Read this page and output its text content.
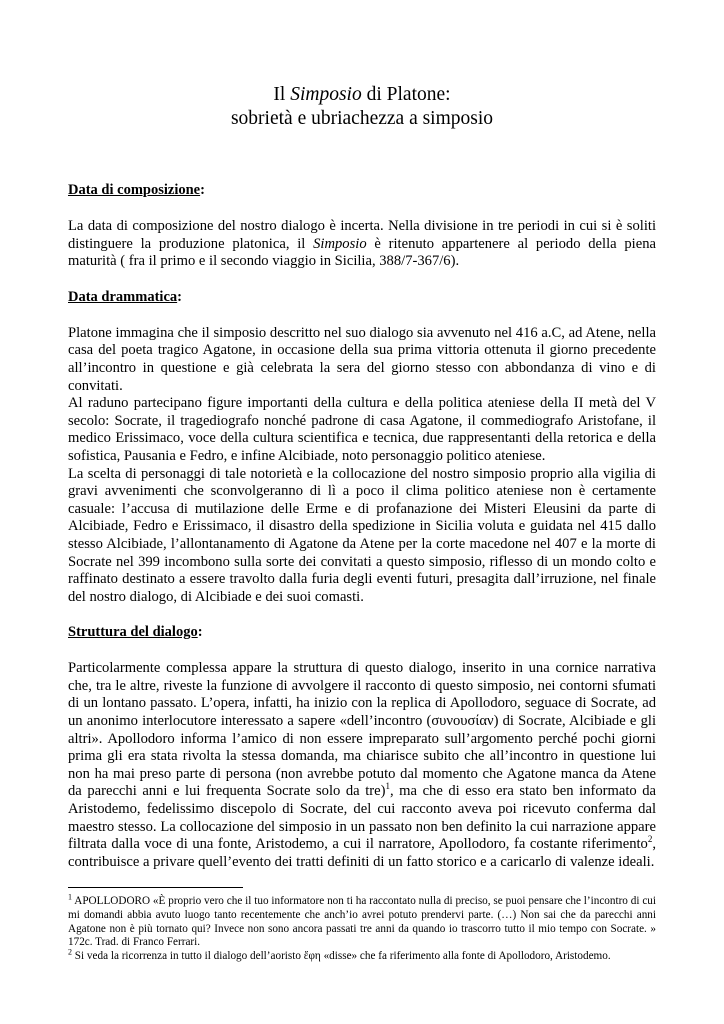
Il Simposio di Platone:

sobrietà e ubriachezza a simposio

Data di composizione:

La data di composizione del nostro dialogo è incerta. Nella divisione in tre periodi in cui si è soliti distinguere la produzione platonica, il Simposio è ritenuto appartenere al periodo della piena maturità ( fra il primo e il secondo viaggio in Sicilia, 388/7-367/6).

Data drammatica:

Platone immagina che il simposio descritto nel suo dialogo sia avvenuto nel 416 a.C, ad Atene, nella casa del poeta tragico Agatone, in occasione della sua prima vittoria ottenuta il giorno precedente all’incontro in questione e già celebrata la sera del giorno stesso con abbondanza di vino e di convitati.

Al raduno partecipano figure importanti della cultura e della politica ateniese della II metà del V secolo: Socrate, il tragediografo nonché padrone di casa Agatone, il commediografo Aristofane, il medico Erissimaco, voce della cultura scientifica e tecnica, due rappresentanti della retorica e della sofistica, Pausania e Fedro, e infine Alcibiade, noto personaggio politico ateniese.

La scelta di personaggi di tale notorietà e la collocazione del nostro simposio proprio alla vigilia di gravi avvenimenti che sconvolgeranno di lì a poco il clima politico ateniese non è certamente casuale: l’accusa di mutilazione delle Erme e di profanazione dei Misteri Eleusini da parte di Alcibiade, Fedro e Erissimaco, il disastro della spedizione in Sicilia voluta e guidata nel 415 dallo stesso Alcibiade, l’allontanamento di Agatone da Atene per la corte macedone nel 407 e la morte di Socrate nel 399 incombono sulla sorte dei convitati a questo simposio, riflesso di un mondo colto e raffinato destinato a essere travolto dalla furia degli eventi futuri, presagita dall’irruzione, nel finale del nostro dialogo, di Alcibiade e dei suoi comasti.

Struttura del dialogo:

Particolarmente complessa appare la struttura di questo dialogo, inserito in una cornice narrativa che, tra le altre, riveste la funzione di avvolgere il racconto di questo simposio, nei contorni sfumati di un lontano passato. L’opera, infatti, ha inizio con la replica di Apollodoro, seguace di Socrate, ad un anonimo interlocutore interessato a sapere «dell’incontro (συνουσίαν) di Socrate, Alcibiade e gli altri». Apollodoro informa l’amico di non essere impreparato sull’argomento perché pochi giorni prima gli era stata rivolta la stessa domanda, ma chiarisce subito che all’incontro in questione lui non ha mai preso parte di persona (non avrebbe potuto dal momento che Agatone manca da Atene da parecchi anni e lui frequenta Socrate solo da tre)$^1$, ma che di esso era stato ben informato da Aristodemo, fedelissimo discepolo di Socrate, del cui racconto aveva poi ricevuto conferma dal maestro stesso. La collocazione del simposio in un passato non ben definito la cui narrazione appare filtrata dalla voce di una fonte, Aristodemo, a cui il narratore, Apollodoro, fa costante riferimento$^2$, contribuisce a privare quell’evento dei tratti definiti di un fatto storico e a caricarlo di valenze ideali.

$^1$ APOLLODORO «È proprio vero che il tuo informatore non ti ha raccontato nulla di preciso, se puoi pensare che l’incontro di cui mi domandi abbia avuto luogo tanto recentemente che anch’io avrei potuto prendervi parte. (…) Non sai che da parecchi anni Agatone non è più tornato qui? Invece non sono ancora passati tre anni da quando io trascorro tutto il mio tempo con Socrate. » 172c. Trad. di Franco Ferrari.

$^2$ Si veda la ricorrenza in tutto il dialogo dell’aoristo ἔφη «disse» che fa riferimento alla fonte di Apollodoro, Aristodemo.
